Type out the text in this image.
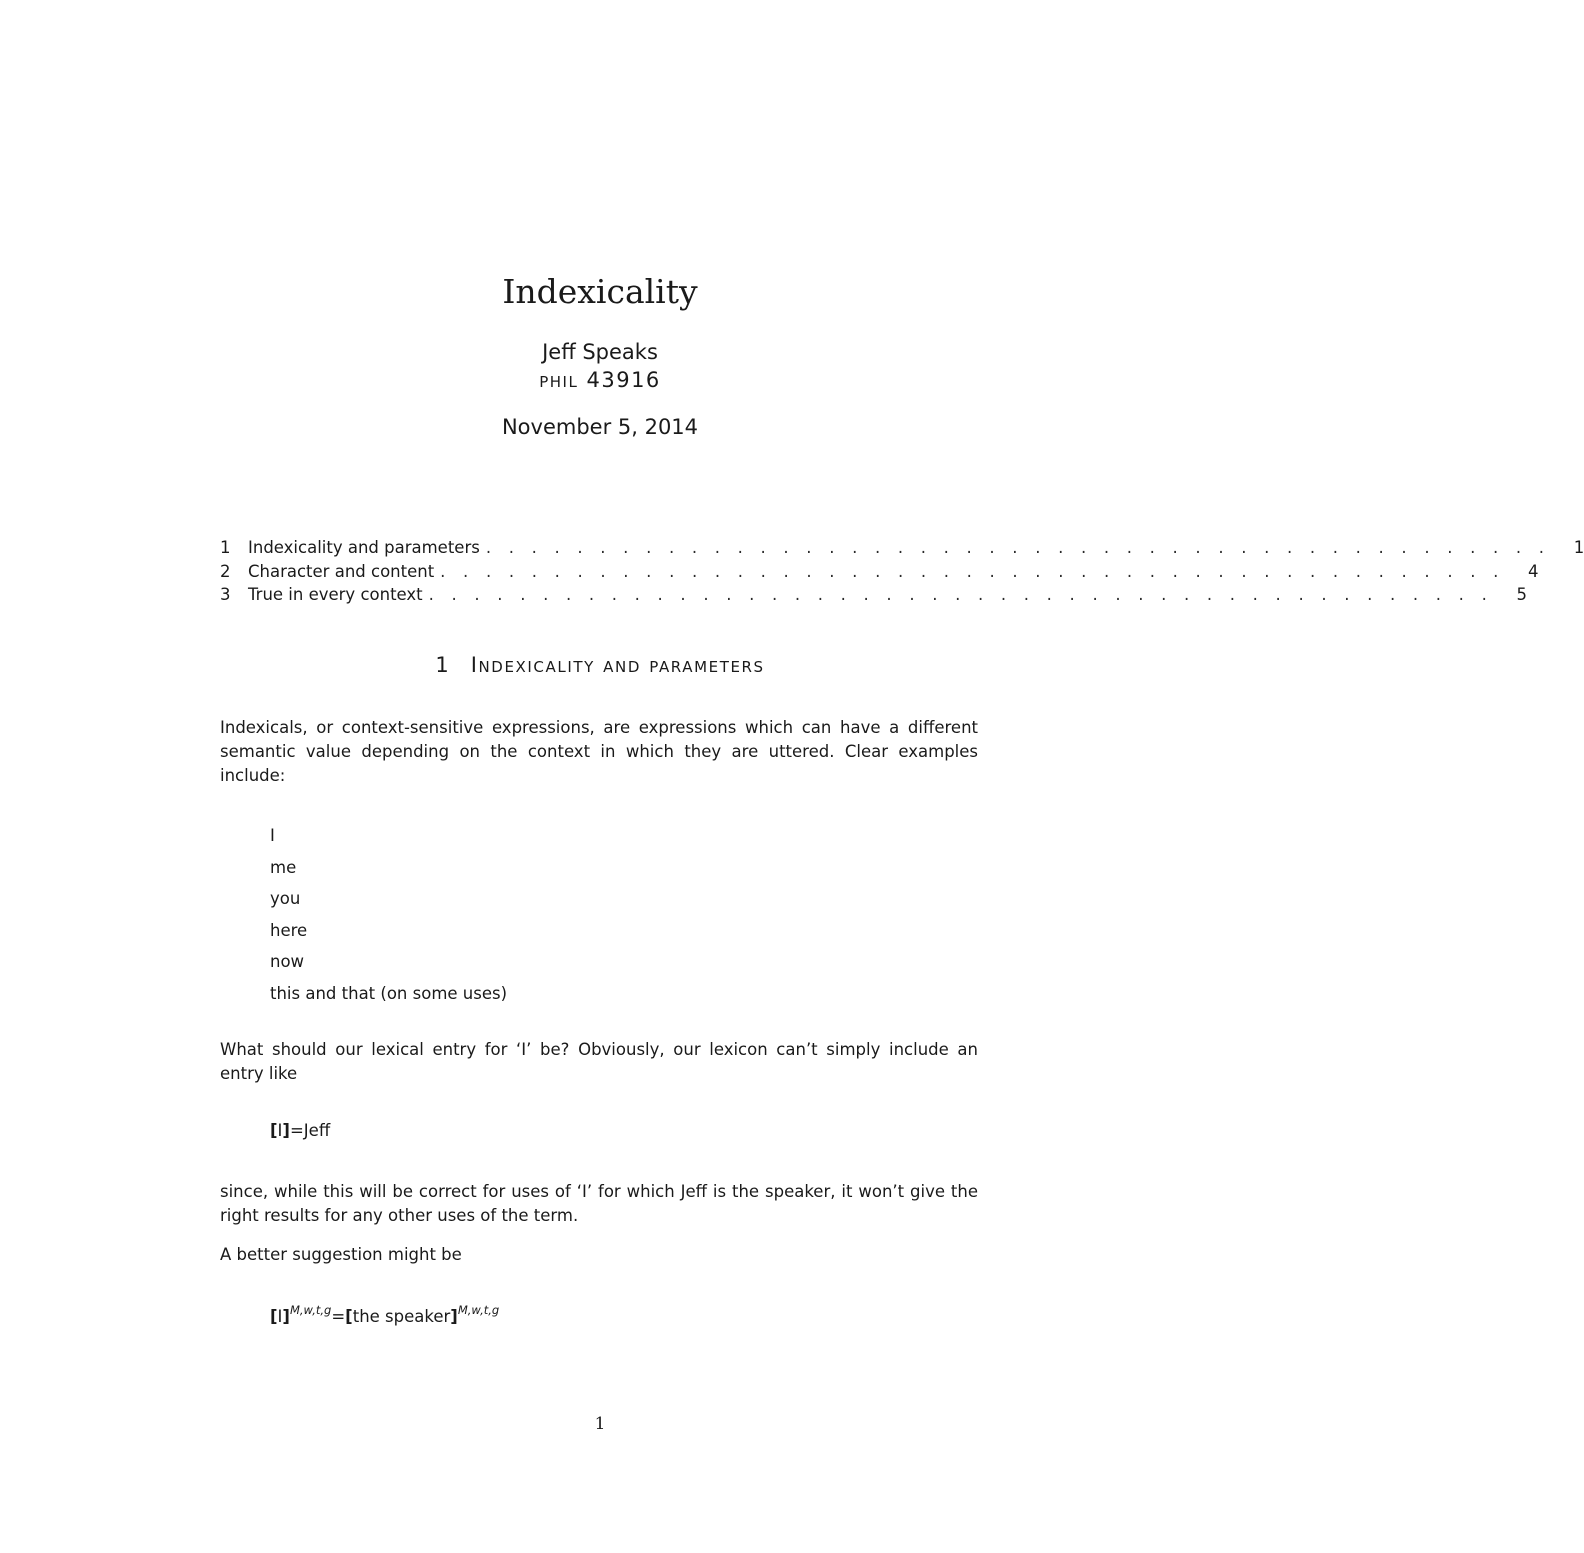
Indexicality
Jeff Speaks
phil 43916
November 5, 2014
1	Indexicality and parameters . . . . . . . . . . . . . . . . . . . . . . . . . . . . . . . . . . . . . . . . . . . . . . .	1
2	Character and content . . . . . . . . . . . . . . . . . . . . . . . . . . . . . . . . . . . . . . . . . . . . . . .	4
3	True in every context . . . . . . . . . . . . . . . . . . . . . . . . . . . . . . . . . . . . . . . . . . . . . . .	5
1 Indexicality and parameters
Indexicals, or context-sensitive expressions, are expressions which can have a different semantic value depending on the context in which they are uttered. Clear examples include:
I
me
you
here
now
this and that (on some uses)
What should our lexical entry for ‘I’ be? Obviously, our lexicon can’t simply include an entry like
[I]=Jeff
since, while this will be correct for uses of ‘I’ for which Jeff is the speaker, it won’t give the right results for any other uses of the term.
A better suggestion might be
$[I]^{M,w,t,g}=[the$ speaker]$^{M,w,t,g}$
1
